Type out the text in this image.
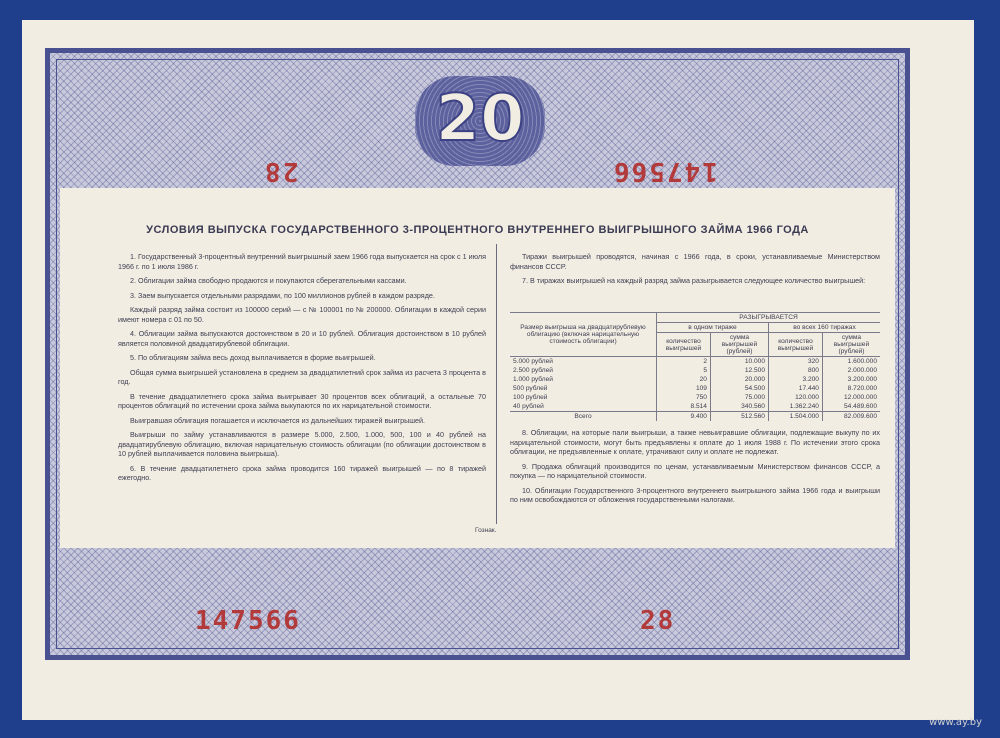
20
28	147566
147566	28
УСЛОВИЯ ВЫПУСКА ГОСУДАРСТВЕННОГО 3-ПРОЦЕНТНОГО ВНУТРЕННЕГО ВЫИГРЫШНОГО ЗАЙМА 1966 ГОДА

1. Государственный 3-процентный внутренний выигрышный заем 1966 года выпускается на срок с 1 июля 1966 г. по 1 июля 1986 г.

2. Облигации займа свободно продаются и покупаются сберегательными кассами.

3. Заем выпускается отдельными разрядами, по 100 миллионов рублей в каждом разряде.

Каждый разряд займа состоит из 100000 серий — с № 100001 по № 200000. Облигации в каждой серии имеют номера с 01 по 50.

4. Облигации займа выпускаются достоинством в 20 и 10 рублей. Облигация достоинством в 10 рублей является половиной двадцатирублевой облигации.

5. По облигациям займа весь доход выплачивается в форме выигрышей.

Общая сумма выигрышей установлена в среднем за двадцатилетний срок займа из расчета 3 процента в год.

В течение двадцатилетнего срока займа выигрывает 30 процентов всех облигаций, а остальные 70 процентов облигаций по истечении срока займа выкупаются по их нарицательной стоимости.

Выигравшая облигация погашается и исключается из дальнейших тиражей выигрышей.

Выигрыши по займу устанавливаются в размере 5.000, 2.500, 1.000, 500, 100 и 40 рублей на двадцатирублевую облигацию, включая нарицательную стоимость облигации (по облигации достоинством в 10 рублей выплачивается половина выигрыша).

6. В течение двадцатилетнего срока займа проводится 160 тиражей выигрышей — по 8 тиражей ежегодно.

Тиражи выигрышей проводятся, начиная с 1966 года, в сроки, устанавливаемые Министерством финансов СССР.

7. В тиражах выигрышей на каждый разряд займа разыгрывается следующее количество выигрышей:

Размер выигрыша на двадцатирублевую облигацию (включая нарицательную стоимость облигации)	РАЗЫГРЫВАЕТСЯ			
	в одном тираже		во всех 160 тиражах	
	количество выигрышей	сумма выигрышей (рублей)	количество выигрышей	сумма выигрышей (рублей)
5.000 рублей	2	10.000	320	1.600.000
2.500 рублей	5	12.500	800	2.000.000
1.000 рублей	20	20.000	3.200	3.200.000
500 рублей	109	54.500	17.440	8.720.000
100 рублей	750	75.000	120.000	12.000.000
40 рублей	8.514	340.560	1.362.240	54.489.600
Всего	9.400	512.560	1.504.000	82.009.600

8. Облигации, на которые пали выигрыши, а также невыигравшие облигации, подлежащие выкупу по их нарицательной стоимости, могут быть предъявлены к оплате до 1 июля 1988 г. По истечении этого срока облигации, не предъявленные к оплате, утрачивают силу и оплате не подлежат.

9. Продажа облигаций производится по ценам, устанавливаемым Министерством финансов СССР, а покупка — по нарицательной стоимости.

10. Облигации Государственного 3-процентного внутреннего выигрышного займа 1966 года и выигрыши по ним освобождаются от обложения государственными налогами.

Гознак.
www.ay.by
